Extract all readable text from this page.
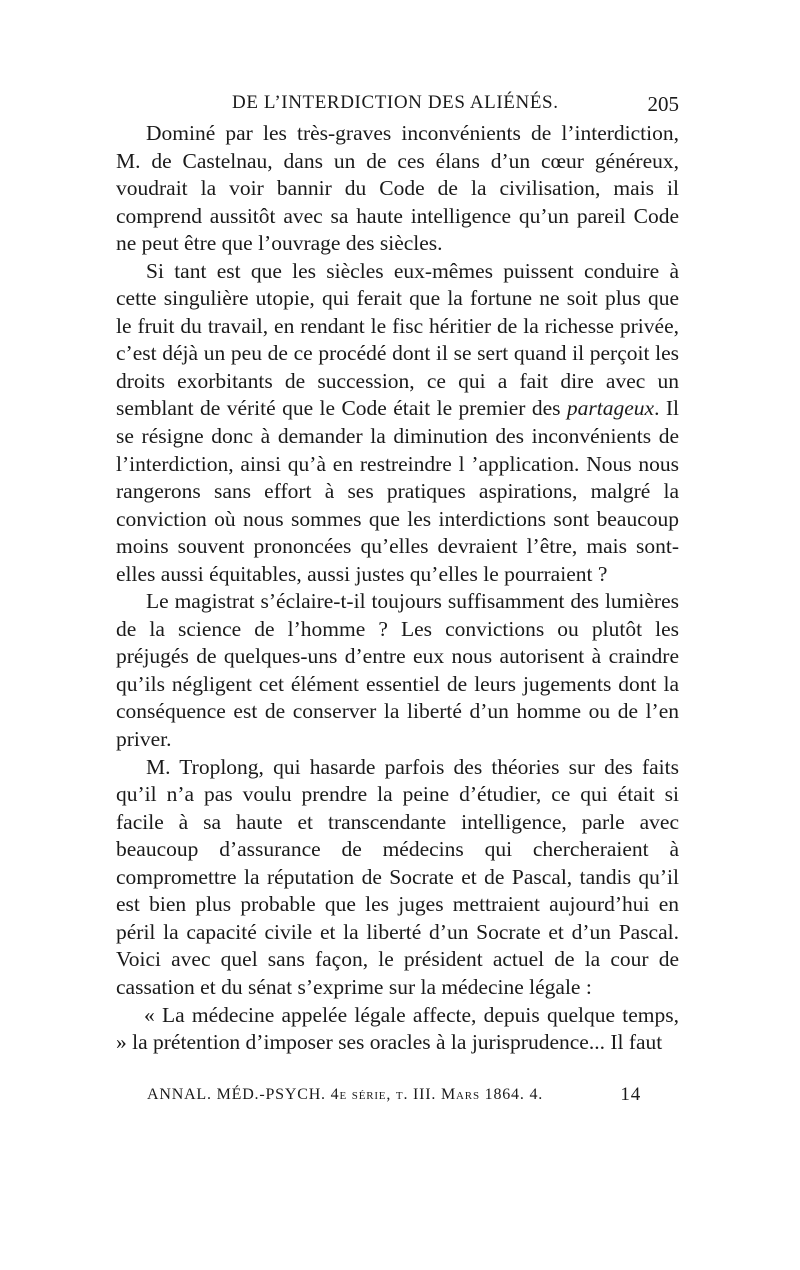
DE L’INTERDICTION DES ALIÉNÉS.	205

Dominé par les très-graves inconvénients de l’interdiction, M. de Castelnau, dans un de ces élans d’un cœur généreux, voudrait la voir bannir du Code de la civilisation, mais il comprend aussitôt avec sa haute intelligence qu’un pareil Code ne peut être que l’ouvrage des siècles.

Si tant est que les siècles eux-mêmes puissent conduire à cette singulière utopie, qui ferait que la fortune ne soit plus que le fruit du travail, en rendant le fisc héritier de la richesse privée, c’est déjà un peu de ce procédé dont il se sert quand il perçoit les droits exorbitants de succession, ce qui a fait dire avec un semblant de vérité que le Code était le premier des partageux. Il se résigne donc à demander la diminution des inconvénients de l’interdiction, ainsi qu’à en restreindre l ’application. Nous nous rangerons sans effort à ses pratiques aspirations, malgré la conviction où nous sommes que les interdictions sont beaucoup moins souvent prononcées qu’elles devraient l’être, mais sont-elles aussi équitables, aussi justes qu’elles le pourraient ?

Le magistrat s’éclaire-t-il toujours suffisamment des lumières de la science de l’homme ? Les convictions ou plutôt les préjugés de quelques-uns d’entre eux nous autorisent à craindre qu’ils négligent cet élément essentiel de leurs jugements dont la conséquence est de conserver la liberté d’un homme ou de l’en priver.

M. Troplong, qui hasarde parfois des théories sur des faits qu’il n’a pas voulu prendre la peine d’étudier, ce qui était si facile à sa haute et transcendante intelligence, parle avec beaucoup d’assurance de médecins qui chercheraient à compromettre la réputation de Socrate et de Pascal, tandis qu’il est bien plus probable que les juges mettraient aujourd’hui en péril la capacité civile et la liberté d’un Socrate et d’un Pascal. Voici avec quel sans façon, le président actuel de la cour de cassation et du sénat s’exprime sur la médecine légale :

« La médecine appelée légale affecte, depuis quelque temps, » la prétention d’imposer ses oracles à la jurisprudence... Il faut

ANNAL. MÉD.-PSYCH. 4e série, t. III. Mars 1864. 4.	14
